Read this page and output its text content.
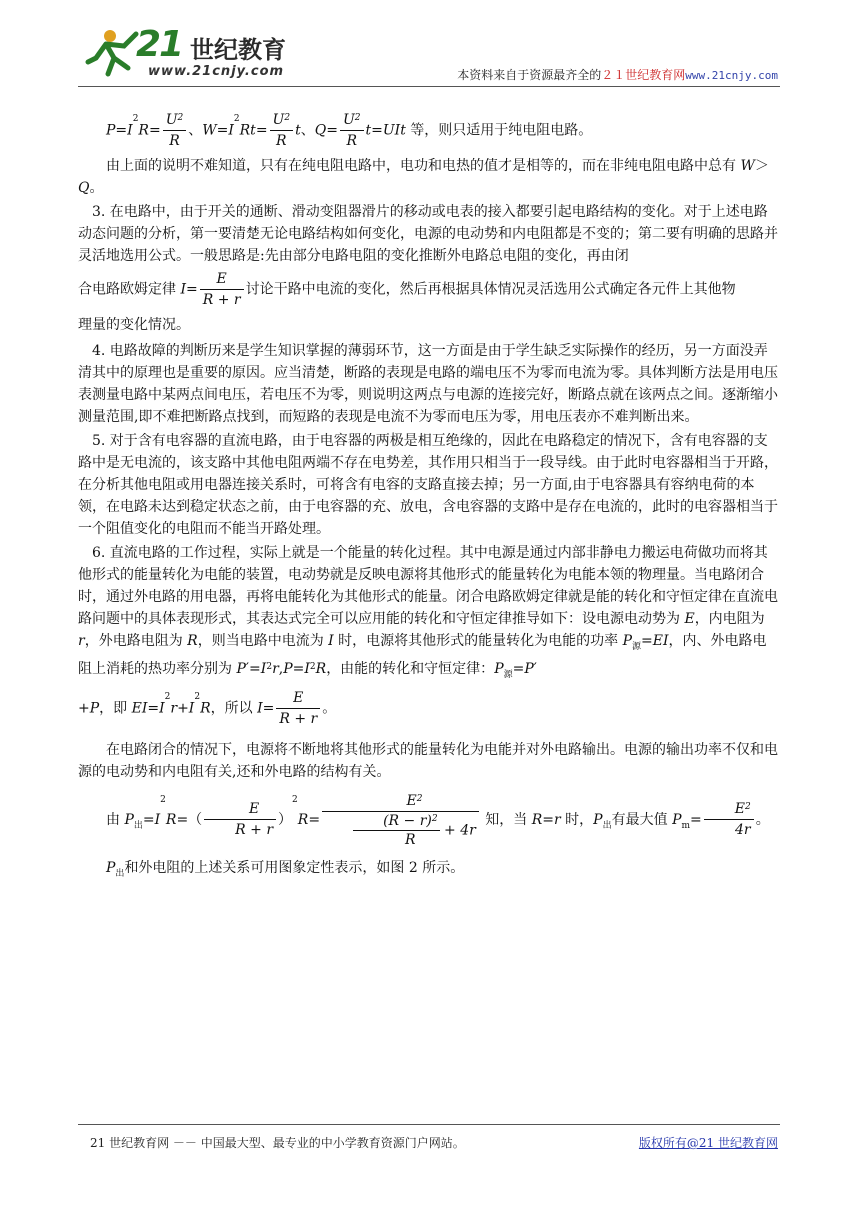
21 世纪教育
www.21cnjy.com	本资料来自于资源最齐全的２１世纪教育网www.21cnjy.com

$P=I^2R= \frac{U^2}{R}$ 、$W=I^2Rt= \frac{U^2}{R}$ t、$Q= \frac{U^2}{R} t=UIt$ 等，则只适用于纯电阻电路。

由上面的说明不难知道，只有在纯电阻电路中，电功和电热的值才是相等的，而在非纯电阻电路中总有 W＞Q。

3. 在电路中，由于开关的通断、滑动变阻器滑片的移动或电表的接入都要引起电路结构的变化。对于上述电路动态问题的分析，第一要清楚无论电路结构如何变化，电源的电动势和内电阻都是不变的；第二要有明确的思路并灵活地选用公式。一般思路是:先由部分电路电阻的变化推断外电路总电阻的变化，再由闭

合电路欧姆定律 $I= \frac{E}{R + r}$ 讨论干路中电流的变化，然后再根据具体情况灵活选用公式确定各元件上其他物

理量的变化情况。

4. 电路故障的判断历来是学生知识掌握的薄弱环节，这一方面是由于学生缺乏实际操作的经历，另一方面没弄清其中的原理也是重要的原因。应当清楚，断路的表现是电路的端电压不为零而电流为零。具体判断方法是用电压表测量电路中某两点间电压，若电压不为零，则说明这两点与电源的连接完好，断路点就在该两点之间。逐渐缩小测量范围,即不难把断路点找到，而短路的表现是电流不为零而电压为零，用电压表亦不难判断出来。

5. 对于含有电容器的直流电路，由于电容器的两极是相互绝缘的，因此在电路稳定的情况下，含有电容器的支路中是无电流的，该支路中其他电阻两端不存在电势差，其作用只相当于一段导线。由于此时电容器相当于开路，在分析其他电阻或用电器连接关系时，可将含有电容的支路直接去掉；另一方面,由于电容器具有容纳电荷的本领，在电路未达到稳定状态之前，由于电容器的充、放电，含电容器的支路中是存在电流的，此时的电容器相当于一个阻值变化的电阻而不能当开路处理。

6. 直流电路的工作过程，实际上就是一个能量的转化过程。其中电源是通过内部非静电力搬运电荷做功而将其他形式的能量转化为电能的装置，电动势就是反映电源将其他形式的能量转化为电能本领的物理量。当电路闭合时，通过外电路的用电器，再将电能转化为其他形式的能量。闭合电路欧姆定律就是能的转化和守恒定律在直流电路问题中的具体表现形式，其表达式完全可以应用能的转化和守恒定律推导如下：设电源电动势为 E，内电阻为 r，外电路电阻为 R，则当电路中电流为 I 时，电源将其他形式的能量转化为电能的功率 $P_源=EI$，内、外电路电阻上消耗的热功率分别为 $P'=I^2r,P=I^2R$，由能的转化和守恒定律：$P_源=P'$

+P，即 $EI=I^2r+I^2R$，所以 $I= \frac{E}{R + r}$ 。

在电路闭合的情况下，电源将不断地将其他形式的能量转化为电能并对外电路输出。电源的输出功率不仅和电源的电动势和内电阻有关,还和外电路的结构有关。

由 $P_出=I^2R=( \frac{E}{R + r} )^2R= \frac{E^2}{\frac{(R - r)^2}{R} + 4r}$ 知，当 R=r 时，$P_出$有最大值 $P_m= \frac{E^2}{4r}$ 。

$P_出$和外电阻的上述关系可用图象定性表示，如图 2 所示。

21 世纪教育网 －－ 中国最大型、最专业的中小学教育资源门户网站。	版权所有@21 世纪教育网
